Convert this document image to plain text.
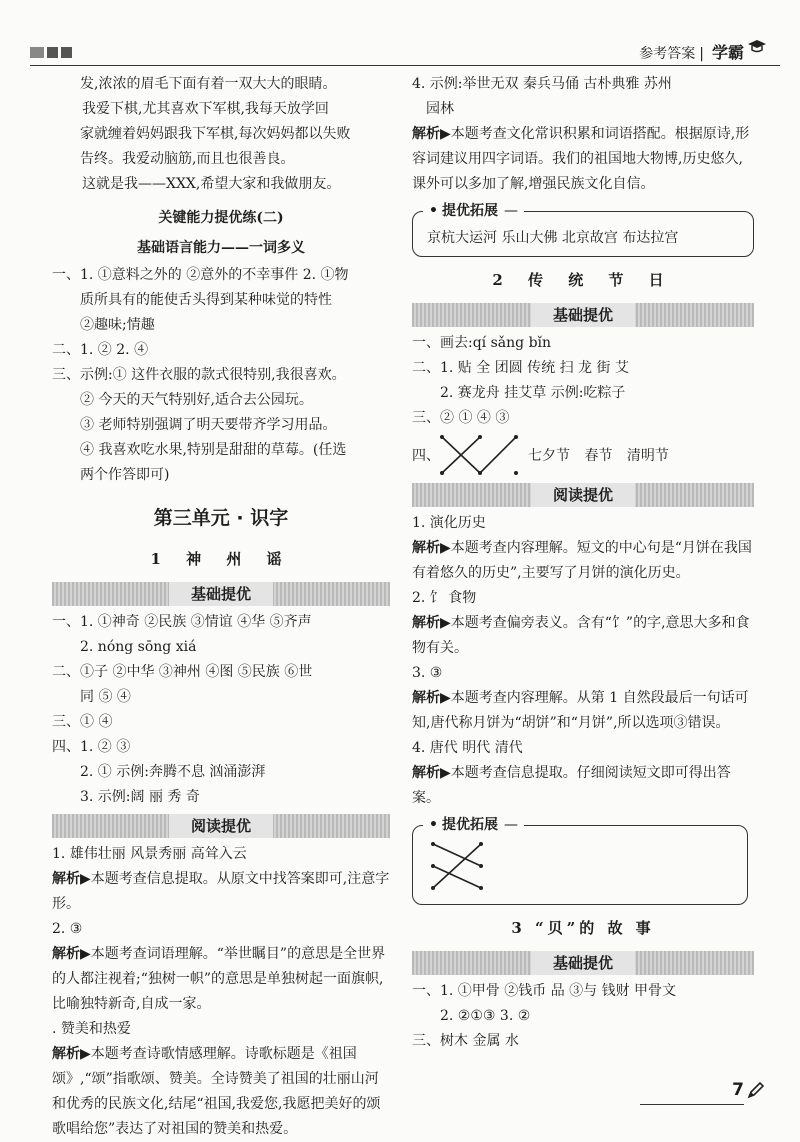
参考答案 | 学霸
发,浓浓的眉毛下面有着一双大大的眼睛。
我爱下棋,尤其喜欢下军棋,我每天放学回
家就缠着妈妈跟我下军棋,每次妈妈都以失败
告终。我爱动脑筋,而且也很善良。
这就是我——XXX,希望大家和我做朋友。
关键能力提优练(二)
基础语言能力——一词多义
一、1. ①意料之外的 ②意外的不幸事件 2. ①物
质所具有的能使舌头得到某种味觉的特性
②趣味;情趣
二、1. ② 2. ④
三、示例:① 这件衣服的款式很特别,我很喜欢。
② 今天的天气特别好,适合去公园玩。
③ 老师特别强调了明天要带齐学习用品。
④ 我喜欢吃水果,特别是甜甜的草莓。(任选
两个作答即可)
第三单元 · 识字
1 神 州 谣
基础提优
一、1. ①神奇 ②民族 ③情谊 ④华 ⑤齐声
2. nóng sōng xiá
二、①子 ②中华 ③神州 ④图 ⑤民族 ⑥世
同 ⑤ ④
三、① ④
四、1. ② ③
2. ① 示例:奔腾不息 汹涌澎湃
3. 示例:阔 丽 秀 奇
阅读提优
1. 雄伟壮丽 风景秀丽 高耸入云
解析▶本题考查信息提取。从原文中找答案即可,注意字形。
2. ③
解析▶本题考查词语理解。“举世瞩目”的意思是全世界的人都注视着;“独树一帜”的意思是单独树起一面旗帜,比喻独特新奇,自成一家。
. 赞美和热爱
解析▶本题考查诗歌情感理解。诗歌标题是《祖国颂》,“颂”指歌颂、赞美。全诗赞美了祖国的壮丽山河和优秀的民族文化,结尾“祖国,我爱您,我愿把美好的颂歌唱给您”表达了对祖国的赞美和热爱。
4. 示例:举世无双 秦兵马俑 古朴典雅 苏州
园林
解析▶本题考查文化常识积累和词语搭配。根据原诗,形容词建议用四字词语。我们的祖国地大物博,历史悠久,课外可以多加了解,增强民族文化自信。
• 提优拓展 —
京杭大运河 乐山大佛 北京故宫 布达拉宫
2 传 统 节 日
基础提优
一、画去:qí sǎng bǐn
二、1. 贴 全 团圆 传统 扫 龙 街 艾
2. 赛龙舟 挂艾草 示例:吃粽子
三、② ① ④ ③
四、	七夕节 春节 清明节
阅读提优
1. 演化历史
解析▶本题考查内容理解。短文的中心句是“月饼在我国有着悠久的历史”,主要写了月饼的演化历史。
2. 饣 食物
解析▶本题考查偏旁表义。含有“饣”的字,意思大多和食物有关。
3. ③
解析▶本题考查内容理解。从第 1 自然段最后一句话可知,唐代称月饼为“胡饼”和“月饼”,所以选项③错误。
4. 唐代 明代 清代
解析▶本题考查信息提取。仔细阅读短文即可得出答案。
• 提优拓展 —
3 “贝”的 故 事
基础提优
一、1. ①甲骨 ②钱币 品 ③与 钱财 甲骨文
2. ②①③ 3. ②
三、树木 金属 水
7
